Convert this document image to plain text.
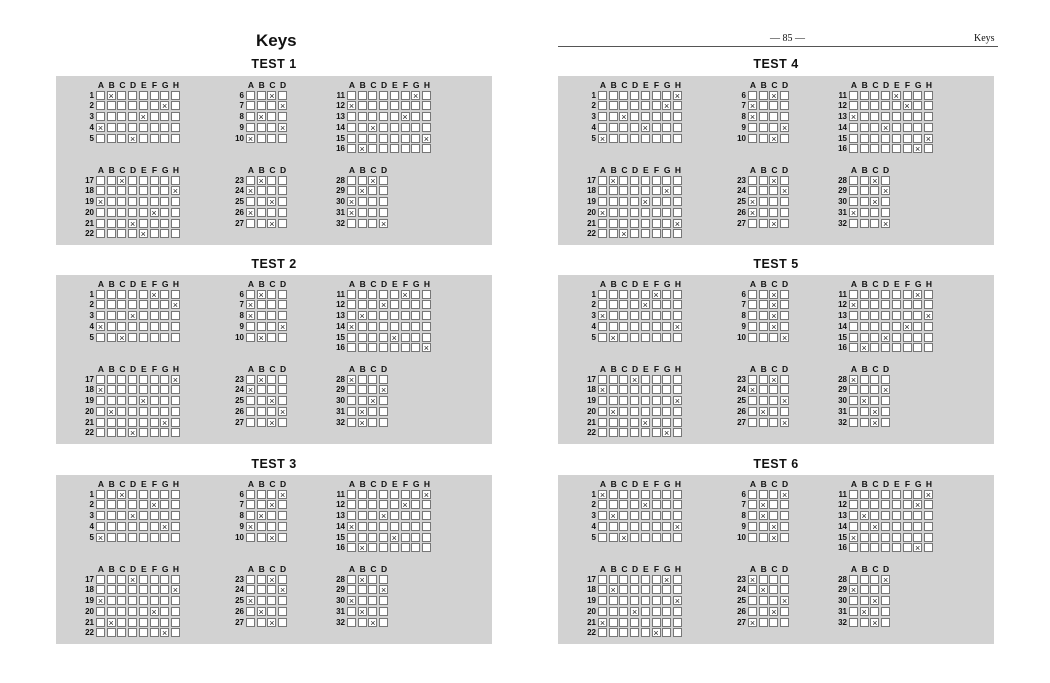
Keys	— 85 —	Keys
TEST 1
A B C D E F G H
1
×
2
×
3
×
4
×
5
×
A B C D
6
×
7
×
8
×
9
×
10
×
A B C D E F G H
11
×
12
×
13
×
14
×
15
×
16
×
A B C D E F G H
17
×
18
×
19
×
20
×
21
×
22
×
A B C D
23
×
24
×
25
×
26
×
27
×
A B C D
28
×
29
×
30
×
31
×
32
×
TEST 2
A B C D E F G H
1
×
2
×
3
×
4
×
5
×
A B C D
6
×
7
×
8
×
9
×
10
×
A B C D E F G H
11
×
12
×
13
×
14
×
15
×
16
×
A B C D E F G H
17
×
18
×
19
×
20
×
21
×
22
×
A B C D
23
×
24
×
25
×
26
×
27
×
A B C D
28
×
29
×
30
×
31
×
32
×
TEST 3
A B C D E F G H
1
×
2
×
3
×
4
×
5
×
A B C D
6
×
7
×
8
×
9
×
10
×
A B C D E F G H
11
×
12
×
13
×
14
×
15
×
16
×
A B C D E F G H
17
×
18
×
19
×
20
×
21
×
22
×
A B C D
23
×
24
×
25
×
26
×
27
×
A B C D
28
×
29
×
30
×
31
×
32
×
TEST 4
A B C D E F G H
1
×
2
×
3
×
4
×
5
×
A B C D
6
×
7
×
8
×
9
×
10
×
A B C D E F G H
11
×
12
×
13
×
14
×
15
×
16
×
A B C D E F G H
17
×
18
×
19
×
20
×
21
×
22
×
A B C D
23
×
24
×
25
×
26
×
27
×
A B C D
28
×
29
×
30
×
31
×
32
×
TEST 5
A B C D E F G H
1
×
2
×
3
×
4
×
5
×
A B C D
6
×
7
×
8
×
9
×
10
×
A B C D E F G H
11
×
12
×
13
×
14
×
15
×
16
×
A B C D E F G H
17
×
18
×
19
×
20
×
21
×
22
×
A B C D
23
×
24
×
25
×
26
×
27
×
A B C D
28
×
29
×
30
×
31
×
32
×
TEST 6
A B C D E F G H
1
×
2
×
3
×
4
×
5
×
A B C D
6
×
7
×
8
×
9
×
10
×
A B C D E F G H
11
×
12
×
13
×
14
×
15
×
16
×
A B C D E F G H
17
×
18
×
19
×
20
×
21
×
22
×
A B C D
23
×
24
×
25
×
26
×
27
×
A B C D
28
×
29
×
30
×
31
×
32
×
